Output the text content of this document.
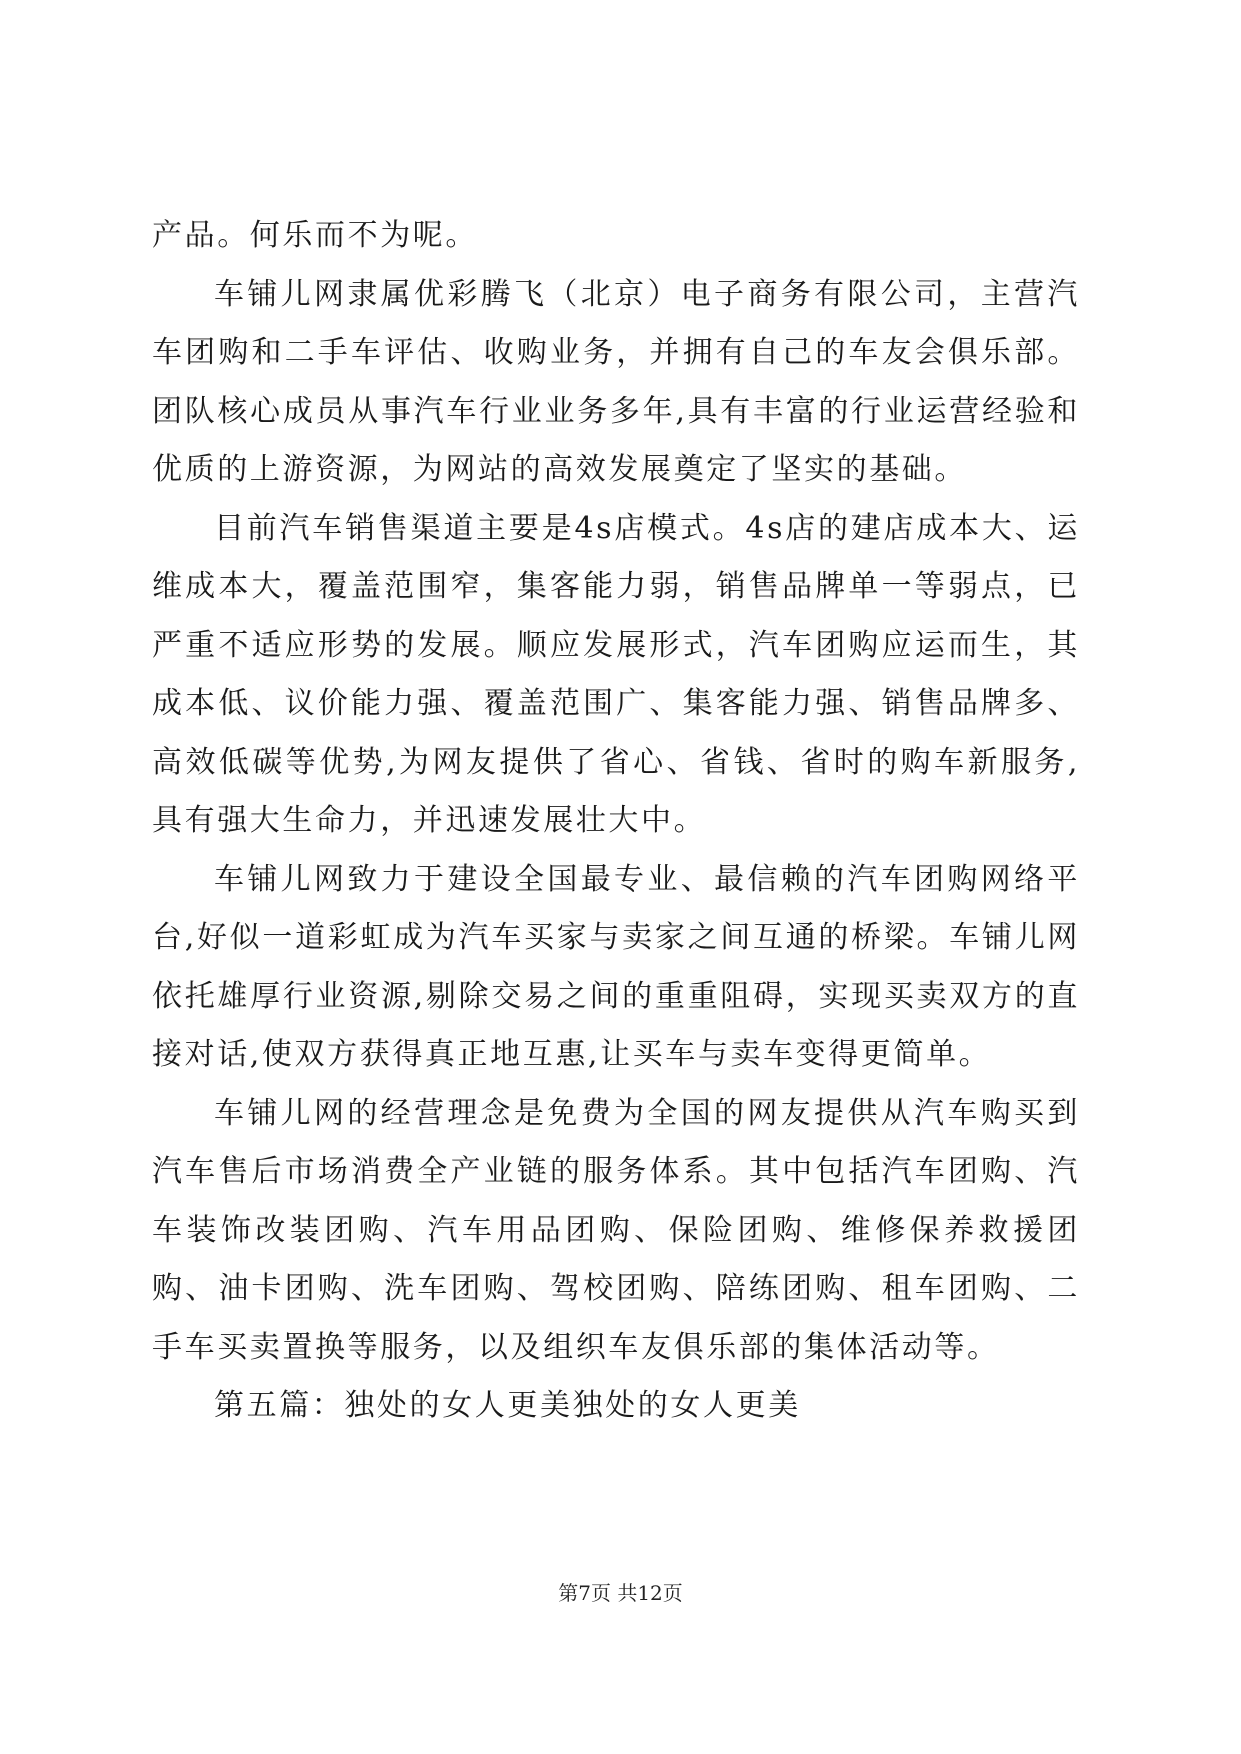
产品。何乐而不为呢。

车铺儿网隶属优彩腾飞（北京）电子商务有限公司，主营汽车团购和二手车评估、收购业务，并拥有自己的车友会俱乐部。团队核心成员从事汽车行业业务多年,具有丰富的行业运营经验和优质的上游资源，为网站的高效发展奠定了坚实的基础。

目前汽车销售渠道主要是4s店模式。4s店的建店成本大、运维成本大，覆盖范围窄，集客能力弱，销售品牌单一等弱点，已严重不适应形势的发展。顺应发展形式，汽车团购应运而生，其成本低、议价能力强、覆盖范围广、集客能力强、销售品牌多、高效低碳等优势,为网友提供了省心、省钱、省时的购车新服务,具有强大生命力，并迅速发展壮大中。

车铺儿网致力于建设全国最专业、最信赖的汽车团购网络平台,好似一道彩虹成为汽车买家与卖家之间互通的桥梁。车铺儿网依托雄厚行业资源,剔除交易之间的重重阻碍，实现买卖双方的直接对话,使双方获得真正地互惠,让买车与卖车变得更简单。

车铺儿网的经营理念是免费为全国的网友提供从汽车购买到汽车售后市场消费全产业链的服务体系。其中包括汽车团购、汽车装饰改装团购、汽车用品团购、保险团购、维修保养救援团购、油卡团购、洗车团购、驾校团购、陪练团购、租车团购、二手车买卖置换等服务，以及组织车友俱乐部的集体活动等。

第五篇：独处的女人更美独处的女人更美

第7页 共12页
